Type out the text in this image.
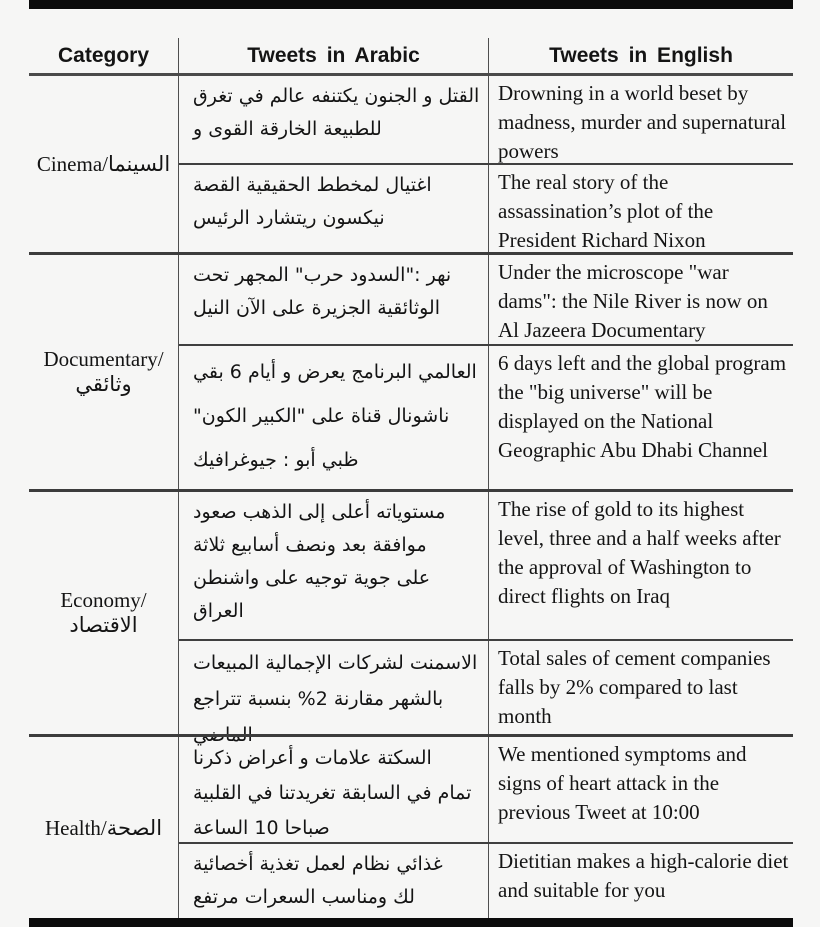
Category	Tweets in Arabic	Tweets in English
Cinema/السينما
تغرق في عالم يكتنفه الجنون و القتل و القوى الخارقة للطبيعة
Drowning in a world beset by madness, murder and supernatural powers
القصة الحقيقية لمخطط اغتيال الرئيس ريتشارد نيكسون
The real story of the assassination’s plot of the President Richard Nixon
Documentary/
وثائقي
تحت المجهر "حرب السدود": نهر النيل الآن على الجزيرة الوثائقية
Under the microscope "war dams": the Nile River is now on Al Jazeera Documentary
بقي 6 أيام و يعرض البرنامج العالمي "الكون الكبير" على قناة ناشونال جيوغرافيك : أبو ظبي
6 days left and the global program the "big universe" will be displayed on the National Geographic Abu Dhabi Channel
Economy/
الاقتصاد
صعود الذهب إلى أعلى مستوياته ثلاثة أسابيع ونصف بعد موافقة واشنطن على توجيه جوية على العراق
The rise of gold to its highest level, three and a half weeks after the approval of Washington to direct flights on Iraq
المبيعات الإجمالية لشركات الاسمنت تتراجع بنسبة %2 مقارنة بالشهر الماضي
Total sales of cement companies falls by 2% compared to last month
Health/الصحة
ذكرنا أعراض و علامات السكتة القلبية في تغريدتنا السابقة في تمام الساعة 10 صباحا
We mentioned symptoms and signs of heart attack in the previous Tweet at 10:00
أخصائية تغذية لعمل نظام غذائي مرتفع السعرات ومناسب لك
Dietitian makes a high-calorie diet and suitable for you
